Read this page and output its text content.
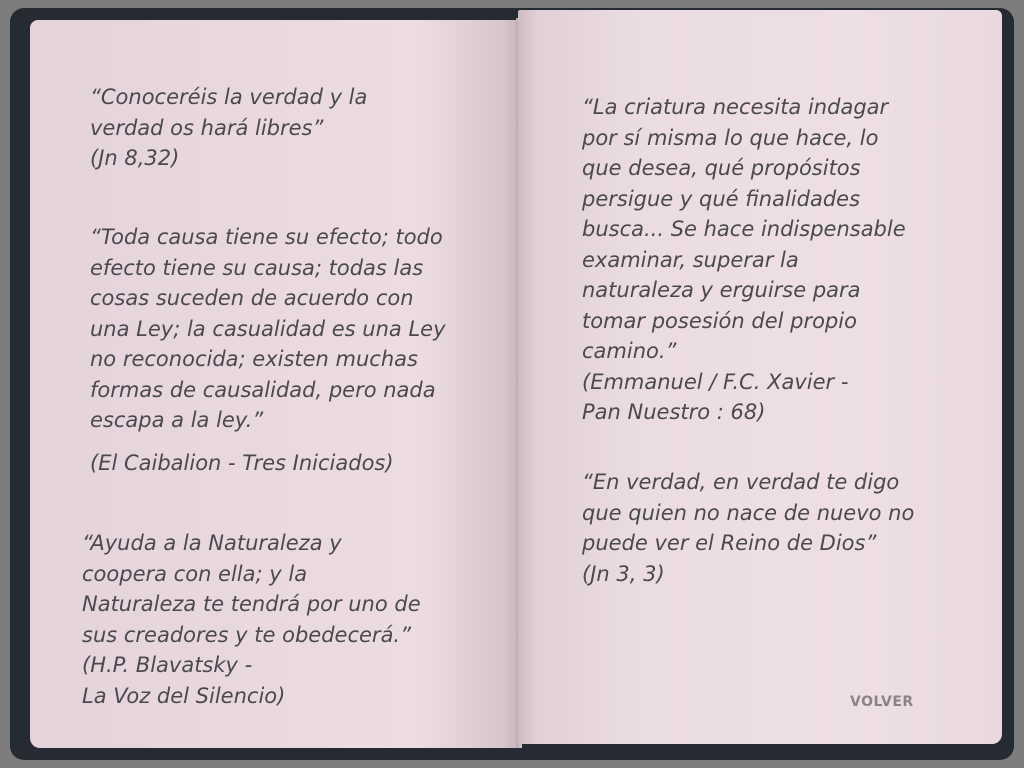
“Conoceréis la verdad y la
verdad os hará libres”
(Jn 8,32)

“Toda causa tiene su efecto; todo
efecto tiene su causa; todas las
cosas suceden de acuerdo con
una Ley; la casualidad es una Ley
no reconocida; existen muchas
formas de causalidad, pero nada
escapa a la ley.”

(El Caibalion - Tres Iniciados)

“Ayuda a la Naturaleza y
coopera con ella; y la
Naturaleza te tendrá por uno de
sus creadores y te obedecerá.”
(H.P. Blavatsky -
La Voz del Silencio)

“La criatura necesita indagar
por sí misma lo que hace, lo
que desea, qué propósitos
persigue y qué finalidades
busca... Se hace indispensable
examinar, superar la
naturaleza y erguirse para
tomar posesión del propio
camino.”
(Emmanuel / F.C. Xavier -
Pan Nuestro : 68)

“En verdad, en verdad te digo
que quien no nace de nuevo no
puede ver el Reino de Dios”
(Jn 3, 3)

VOLVER
